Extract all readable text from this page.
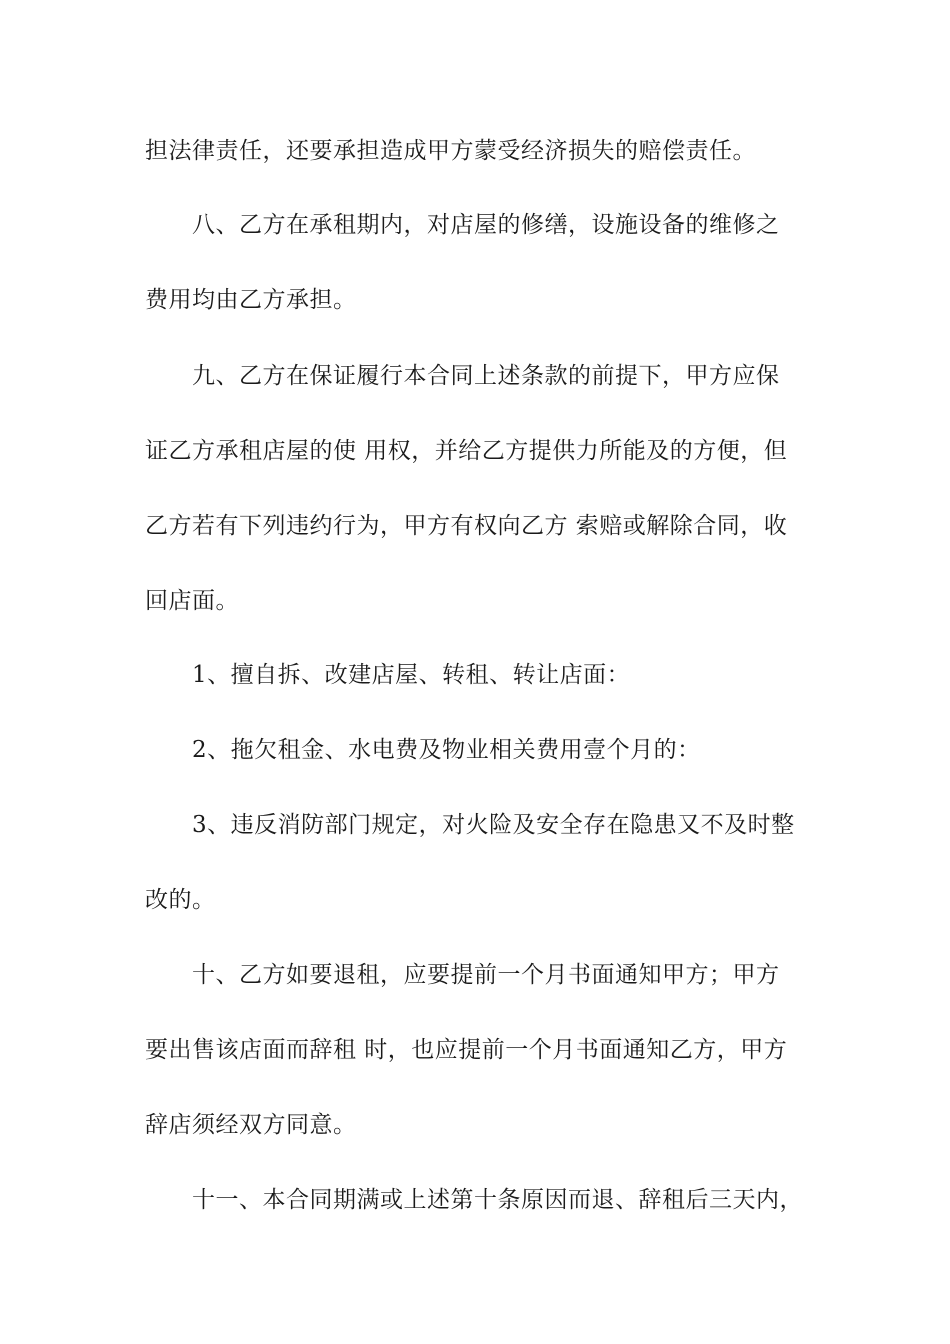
担法律责任，还要承担造成甲方蒙受经济损失的赔偿责任。
八、乙方在承租期内，对店屋的修缮，设施设备的维修之
费用均由乙方承担。
九、乙方在保证履行本合同上述条款的前提下，甲方应保
证乙方承租店屋的使 用权，并给乙方提供力所能及的方便，但
乙方若有下列违约行为，甲方有权向乙方 索赔或解除合同，收
回店面。
1、擅自拆、改建店屋、转租、转让店面：
2、拖欠租金、水电费及物业相关费用壹个月的：
3、违反消防部门规定，对火险及安全存在隐患又不及时整
改的。
十、乙方如要退租，应要提前一个月书面通知甲方；甲方
要出售该店面而辞租 时，也应提前一个月书面通知乙方，甲方
辞店须经双方同意。
十一、本合同期满或上述第十条原因而退、辞租后三天内，
